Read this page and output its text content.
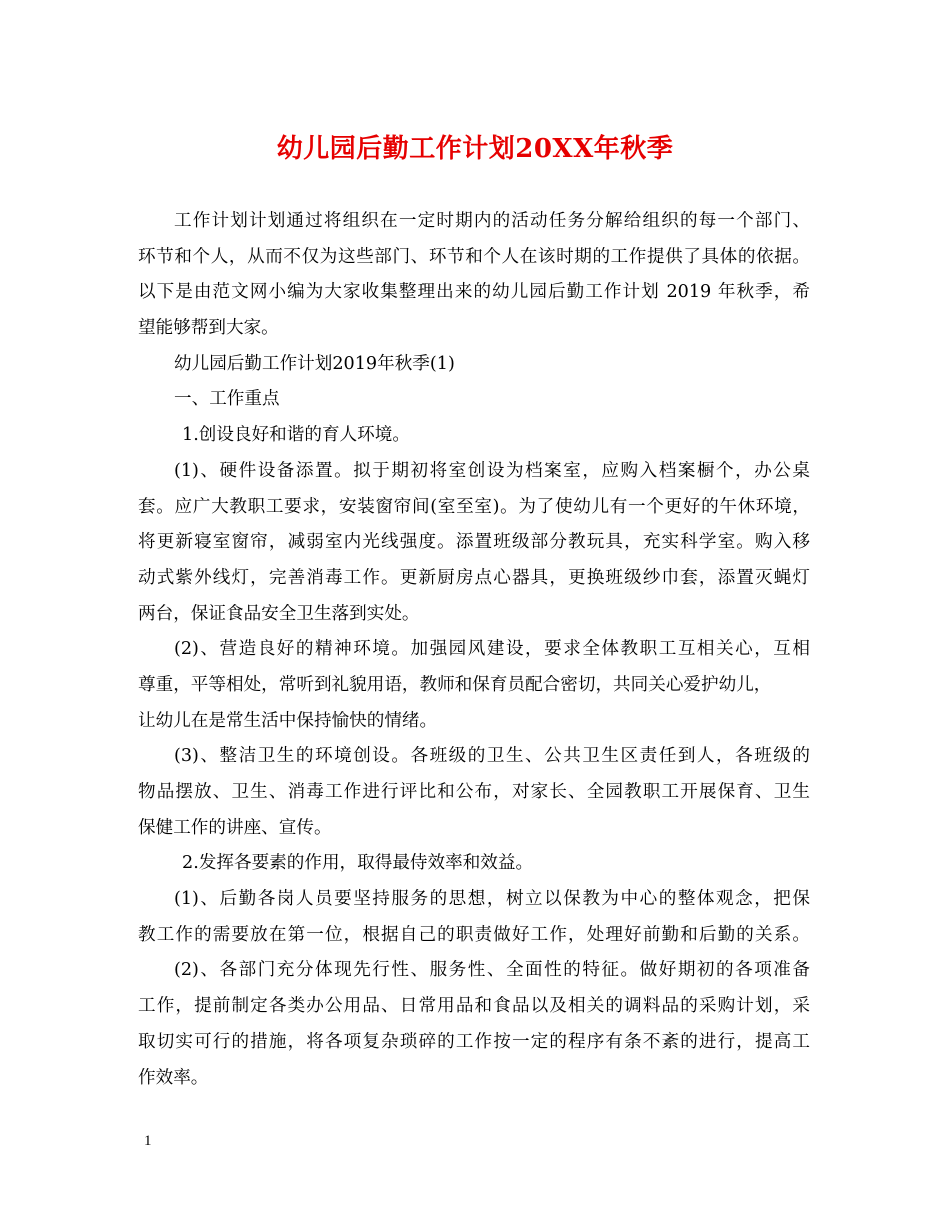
幼儿园后勤工作计划20XX年秋季
工作计划计划通过将组织在一定时期内的活动任务分解给组织的每一个部门、
环节和个人，从而不仅为这些部门、环节和个人在该时期的工作提供了具体的依据。
以下是由范文网小编为大家收集整理出来的幼儿园后勤工作计划 2019 年秋季，希
望能够帮到大家。
幼儿园后勤工作计划2019年秋季(1)
一、工作重点
1.创设良好和谐的育人环境。
(1)、硬件设备添置。拟于期初将室创设为档案室，应购入档案橱个，办公桌
套。应广大教职工要求，安装窗帘间(室至室)。为了使幼儿有一个更好的午休环境，
将更新寝室窗帘，减弱室内光线强度。添置班级部分教玩具，充实科学室。购入移
动式紫外线灯，完善消毒工作。更新厨房点心器具，更换班级纱巾套，添置灭蝇灯
两台，保证食品安全卫生落到实处。
(2)、营造良好的精神环境。加强园风建设，要求全体教职工互相关心，互相
尊重，平等相处，常听到礼貌用语，教师和保育员配合密切，共同关心爱护幼儿，
让幼儿在是常生活中保持愉快的情绪。
(3)、整洁卫生的环境创设。各班级的卫生、公共卫生区责任到人，各班级的
物品摆放、卫生、消毒工作进行评比和公布，对家长、全园教职工开展保育、卫生
保健工作的讲座、宣传。
2.发挥各要素的作用，取得最侍效率和效益。
(1)、后勤各岗人员要坚持服务的思想，树立以保教为中心的整体观念，把保
教工作的需要放在第一位，根据自己的职责做好工作，处理好前勤和后勤的关系。
(2)、各部门充分体现先行性、服务性、全面性的特征。做好期初的各项准备
工作，提前制定各类办公用品、日常用品和食品以及相关的调料品的采购计划，采
取切实可行的措施，将各项复杂琐碎的工作按一定的程序有条不紊的进行，提高工
作效率。
1
